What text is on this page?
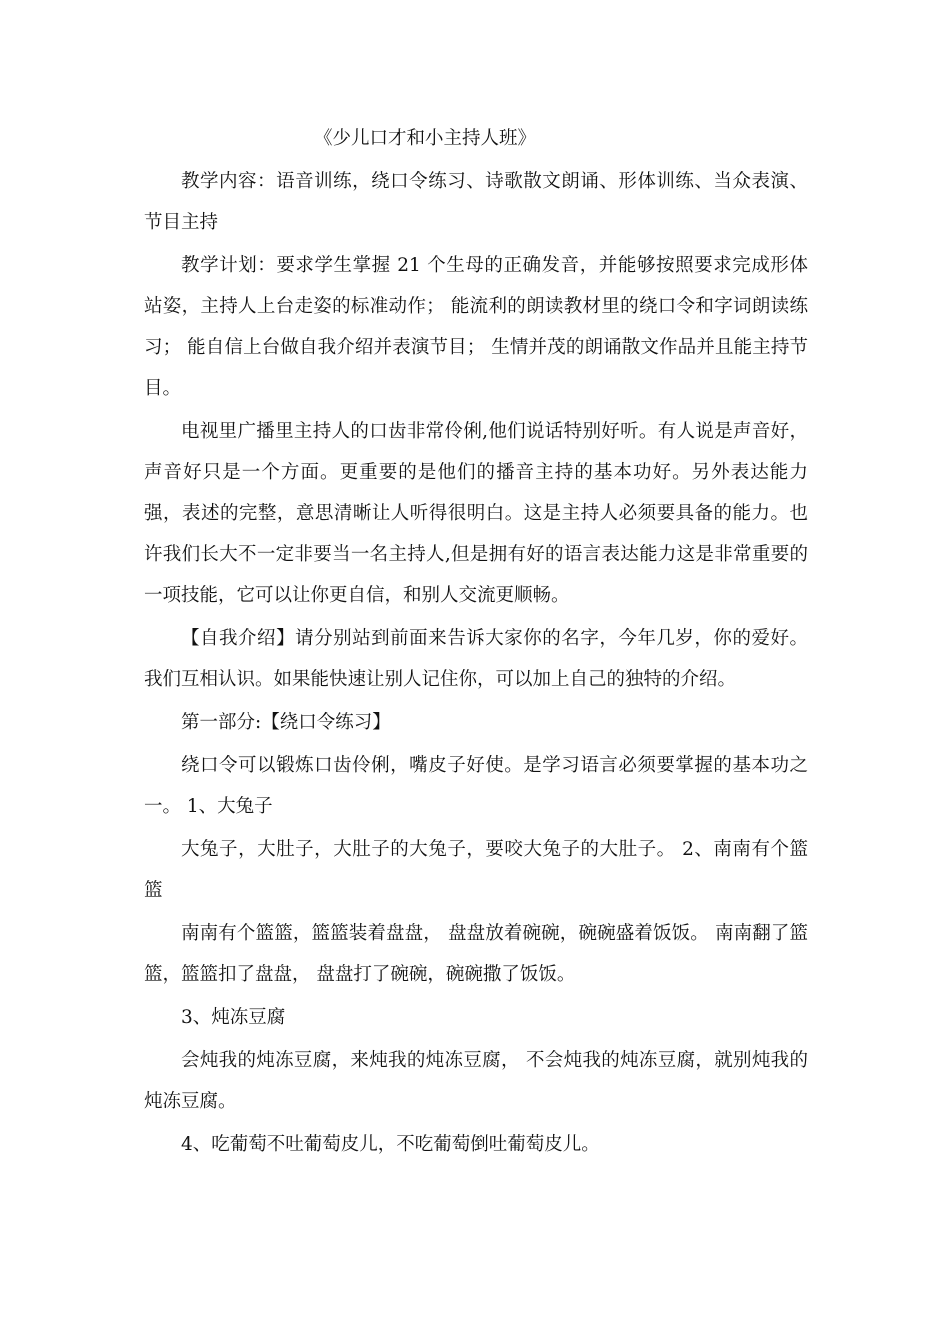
《少儿口才和小主持人班》

教学内容：语音训练，绕口令练习、诗歌散文朗诵、形体训练、当众表演、节目主持

教学计划：要求学生掌握 21 个生母的正确发音，并能够按照要求完成形体站姿，主持人上台走姿的标准动作； 能流利的朗读教材里的绕口令和字词朗读练习； 能自信上台做自我介绍并表演节目； 生情并茂的朗诵散文作品并且能主持节目。

电视里广播里主持人的口齿非常伶俐,他们说话特别好听。有人说是声音好，声音好只是一个方面。更重要的是他们的播音主持的基本功好。另外表达能力强，表述的完整，意思清晰让人听得很明白。这是主持人必须要具备的能力。也许我们长大不一定非要当一名主持人,但是拥有好的语言表达能力这是非常重要的一项技能，它可以让你更自信，和别人交流更顺畅。

【自我介绍】请分别站到前面来告诉大家你的名字，今年几岁，你的爱好。我们互相认识。如果能快速让别人记住你，可以加上自己的独特的介绍。

第一部分:【绕口令练习】

绕口令可以锻炼口齿伶俐，嘴皮子好使。是学习语言必须要掌握的基本功之一。 1、大兔子

大兔子，大肚子，大肚子的大兔子，要咬大兔子的大肚子。 2、南南有个篮篮

南南有个篮篮，篮篮装着盘盘， 盘盘放着碗碗，碗碗盛着饭饭。 南南翻了篮篮，篮篮扣了盘盘， 盘盘打了碗碗，碗碗撒了饭饭。

3、炖冻豆腐

会炖我的炖冻豆腐，来炖我的炖冻豆腐， 不会炖我的炖冻豆腐，就别炖我的炖冻豆腐。

4、吃葡萄不吐葡萄皮儿，不吃葡萄倒吐葡萄皮儿。
